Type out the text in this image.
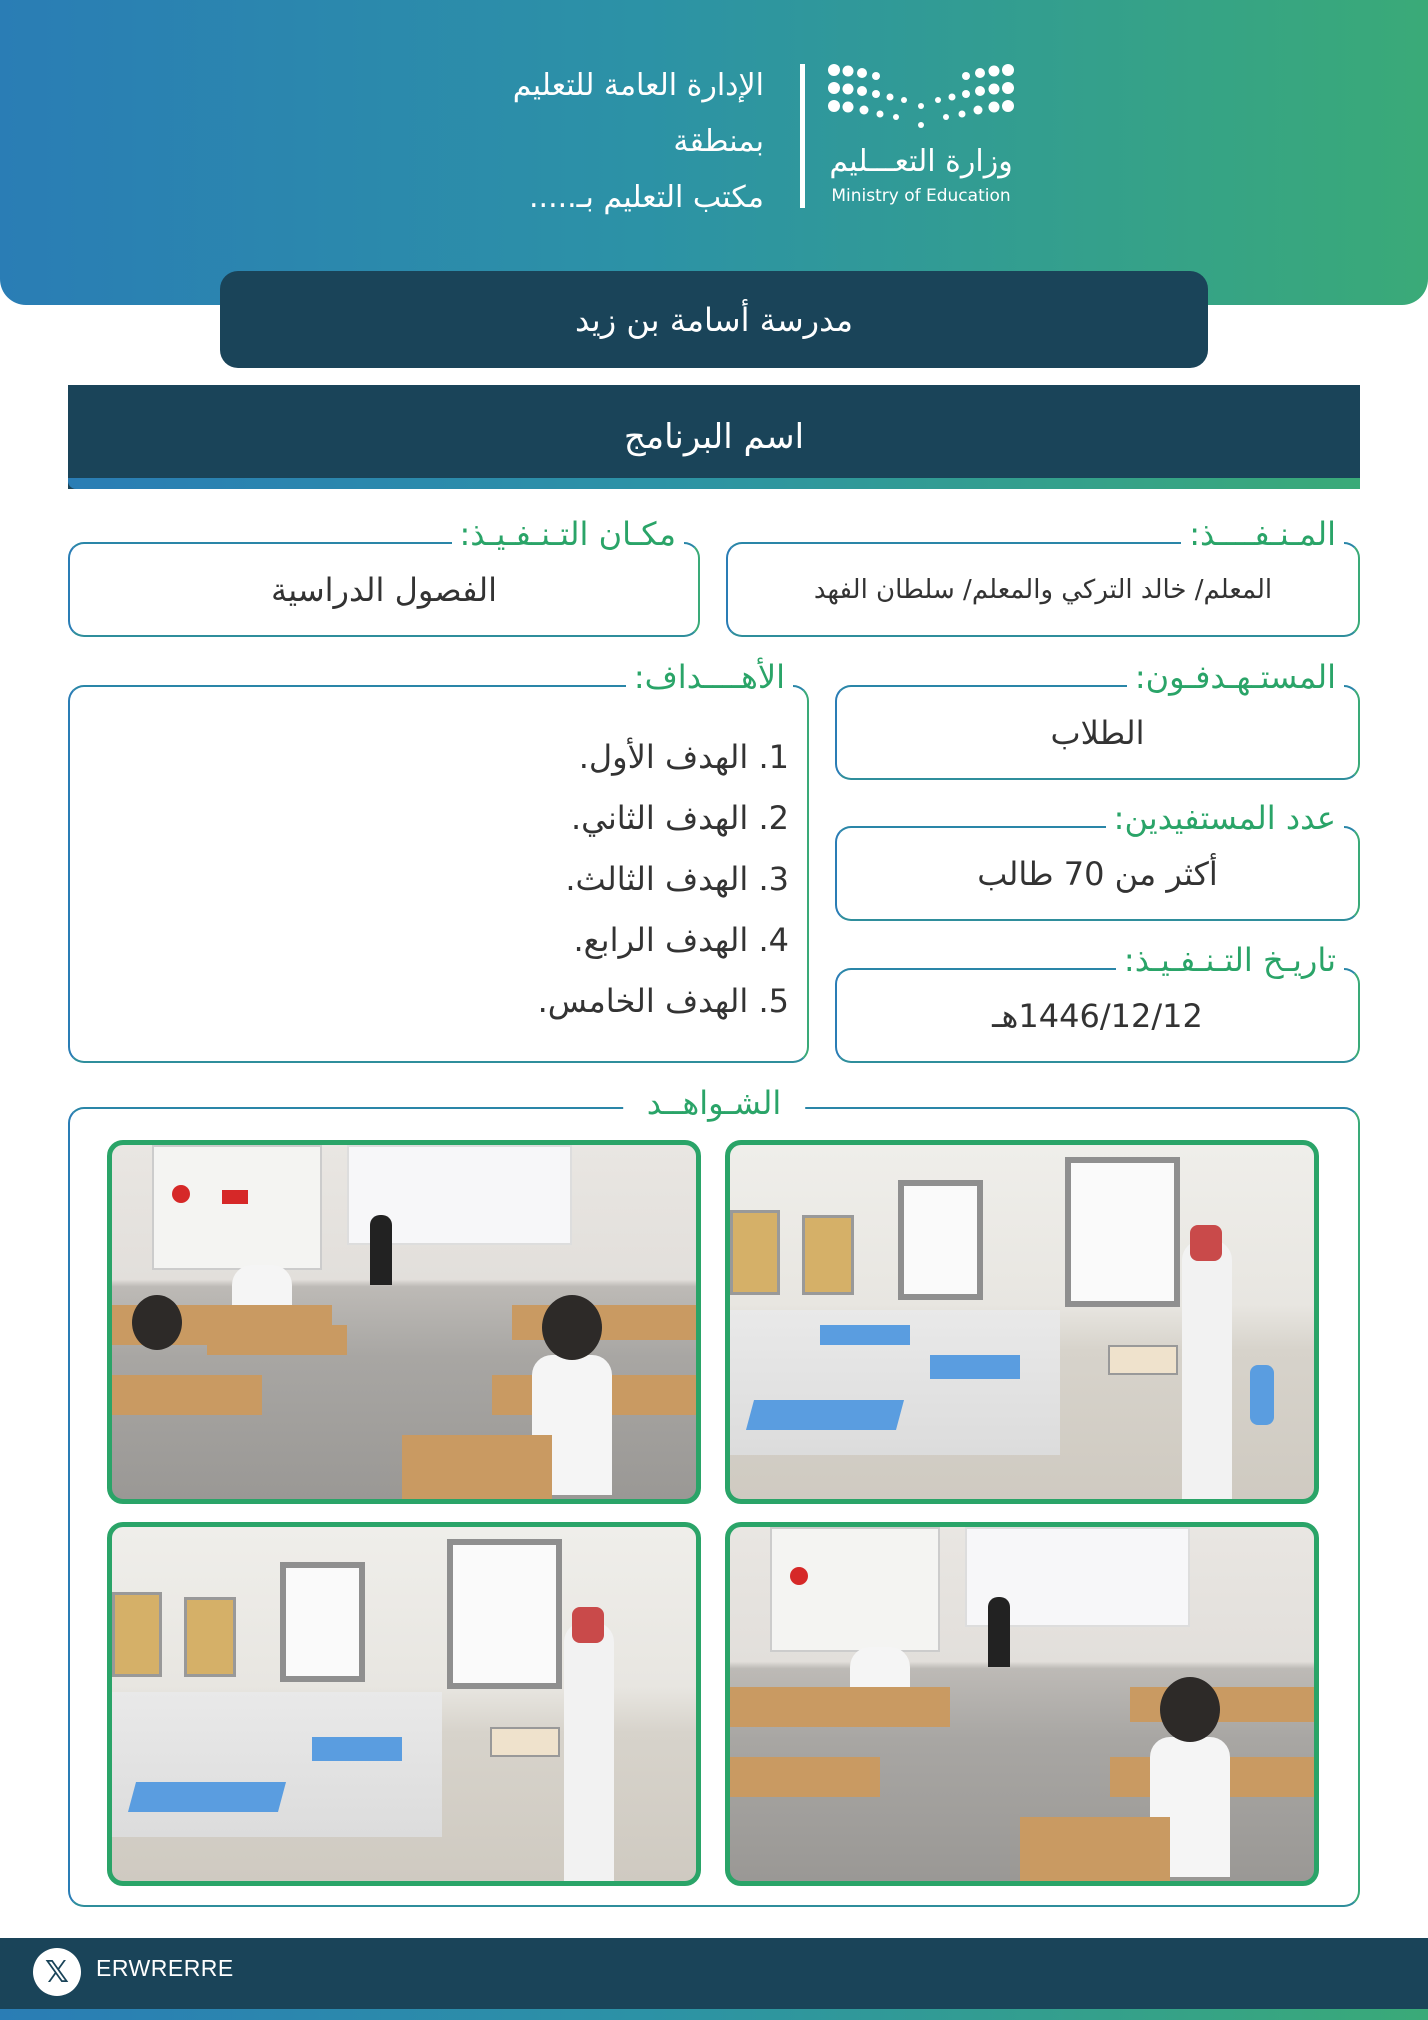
الإدارة العامة للتعليم
بمنطقة
مكتب التعليم بـ.....
وزارة التعـــليم
Ministry of Education
مدرسة أسامة بن زيد
اسم البرنامج
المـنـفــــذ:
المعلم/ خالد التركي والمعلم/ سلطان الفهد
مكـان التـنـفـيـذ:
الفصول الدراسية
المستـهـدفـون:
الطلاب
عدد المستفيدين:
أكثر من 70 طالب
تاريـخ التـنـفـيـذ:
1446/12/12هـ
الأهــــداف:
1. الهدف الأول.
2. الهدف الثاني.
3. الهدف الثالث.
4. الهدف الرابع.
5. الهدف الخامس.
الشـواهــد
𝕏	ERWRERRE
